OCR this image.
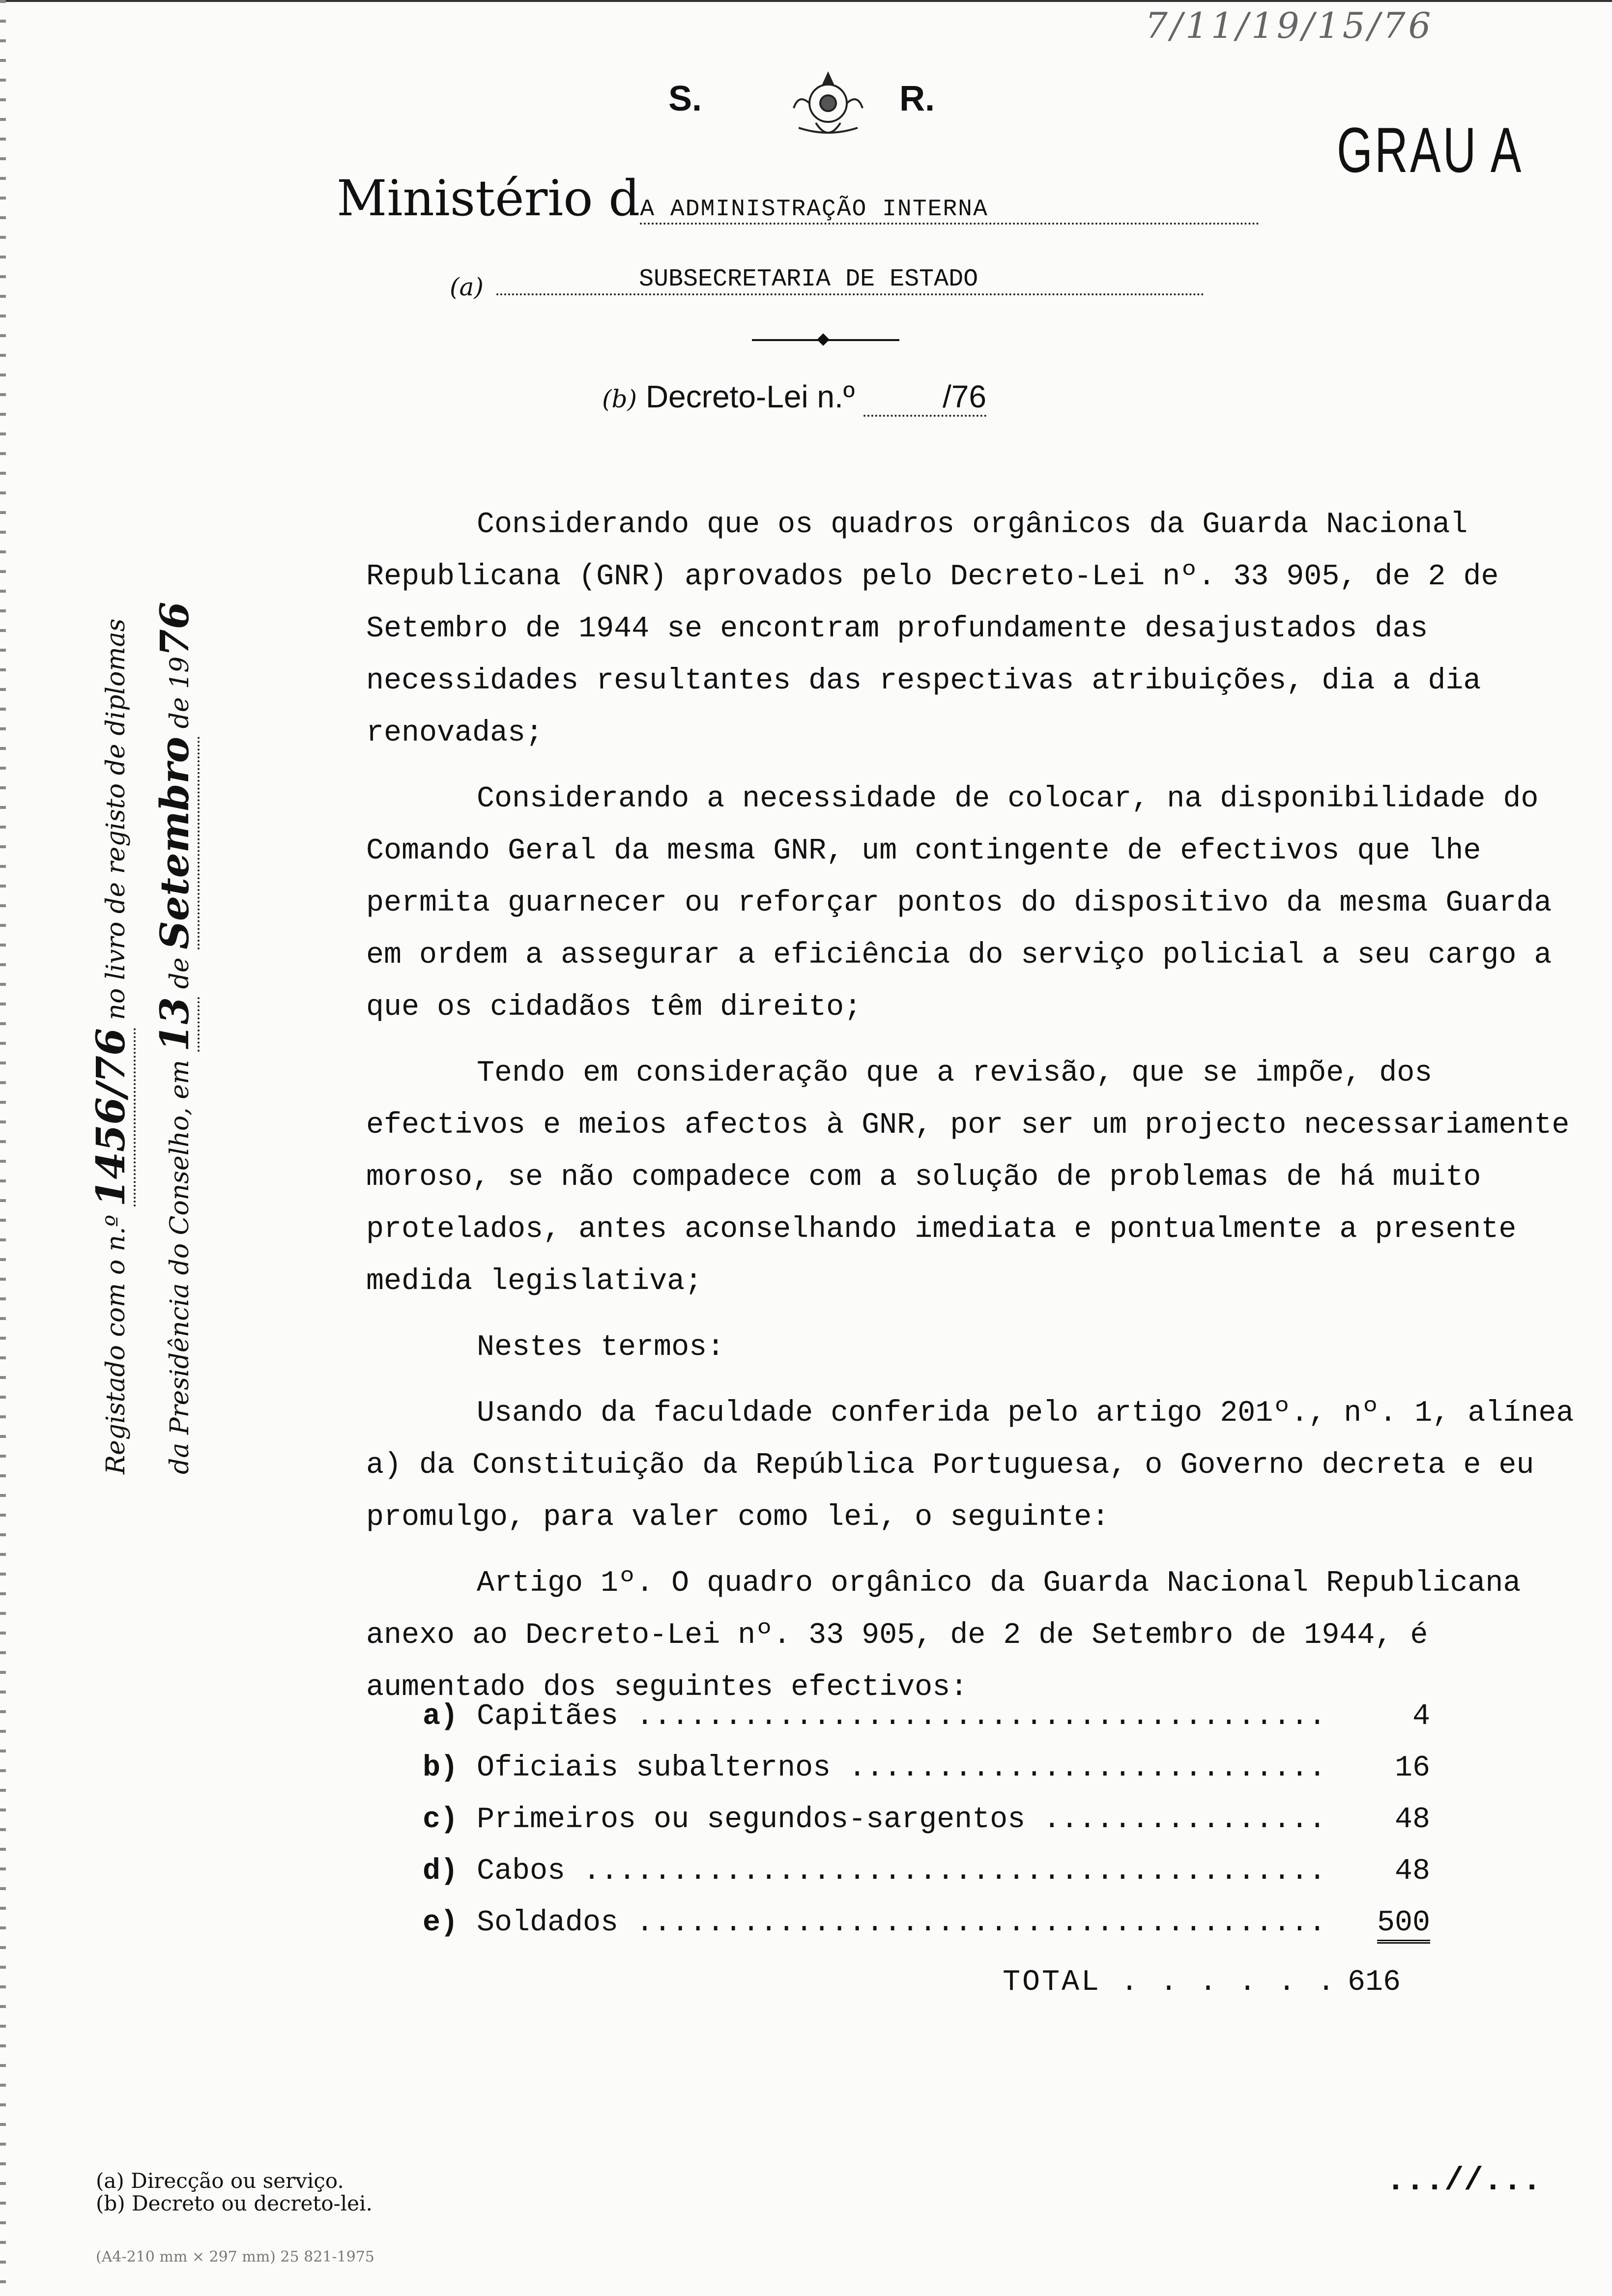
7/11/19/15/76
GRAU A
S.	R.
Ministério dA ADMINISTRAÇÃO INTERNA
(a)	SUBSECRETARIA DE ESTADO
(b) Decreto-Lei n.º	/76

Considerando que os quadros orgânicos da Guarda Nacional Republicana (GNR) aprovados pelo Decreto-Lei nº. 33 905, de 2 de Setembro de 1944 se encontram profundamente desajustados das necessidades resultantes das respectivas atribuições, dia a dia renovadas;

Considerando a necessidade de colocar, na disponibilidade do Comando Geral da mesma GNR, um contingente de efectivos que lhe permita guarnecer ou reforçar pontos do dispositivo da mesma Guarda em ordem a assegurar a eficiência do serviço policial a seu cargo a que os cidadãos têm direito;

Tendo em consideração que a revisão, que se impõe, dos efectivos e meios afectos à GNR, por ser um projecto necessariamente moroso, se não compadece com a solução de problemas de há muito protelados, antes aconselhando imediata e pontualmente a presente medida legislativa;

Nestes termos:

Usando da faculdade conferida pelo artigo 201º., nº. 1, alínea a) da Constituição da República Portuguesa, o Governo decreta e eu promulgo, para valer como lei, o seguinte:

Artigo 1º. O quadro orgânico da Guarda Nacional Republicana anexo ao Decreto-Lei nº. 33 905, de 2 de Setembro de 1944, é aumentado dos seguintes efectivos:

a) Capitães .....	4
b) Oficiais subalternos .....	16
c) Primeiros ou segundos-sargentos .....	48
d) Cabos .....	48
e) Soldados .....	500
TOTAL . . . . . . 616
Registado com o n.º 1456/76 no livro de registo de diplomas
da Presidência do Conselho, em 13 de Setembro de 1976
(a) Direcção ou serviço.
(b) Decreto ou decreto-lei.
(A4-210 mm × 297 mm) 25 821-1975
...//...
